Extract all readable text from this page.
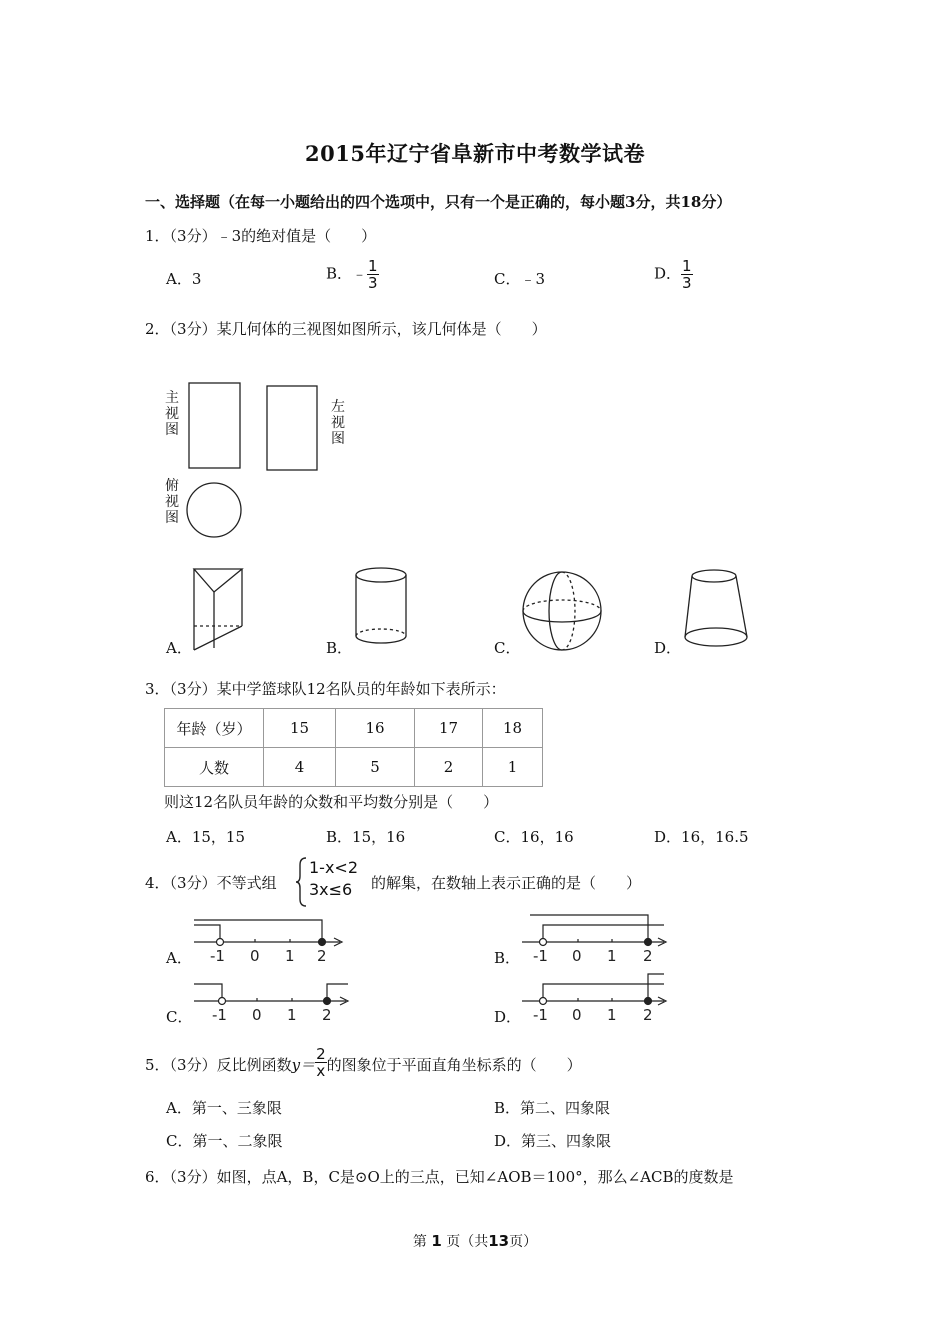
2015年辽宁省阜新市中考数学试卷
一、选择题（在每一小题给出的四个选项中，只有一个是正确的，每小题3分，共18分）
1．（3分）﹣3的绝对值是（　　）
A．3	B．﹣ $\frac{1}{3}$	C．﹣3	D． $\frac{1}{3}$
2．（3分）某几何体的三视图如图所示，该几何体是（　　）
主视图
左视图
俯视图
A．	B．	C．	D．
3．（3分）某中学篮球队12名队员的年龄如下表所示：
年龄（岁）	15	16	17	18
人数	4	5	2	1
则这12名队员年龄的众数和平均数分别是（　　）
A．15，15	B．15，16	C．16，16	D．16，16.5
4．（3分）不等式组
1-x<2
3x≤6	的解集，在数轴上表示正确的是（　　）
A．	B．
C．	D．
-1 0 1 2	-1 0 1 2
-1 0 1 2	-1 0 1 2
5．（3分）反比例函数$y= \frac{2}{x}$ 的图象位于平面直角坐标系的（　　）
A．第一、三象限	B．第二、四象限
C．第一、二象限	D．第三、四象限
6．（3分）如图，点A，B，C是⊙O上的三点，已知∠AOB＝100°，那么∠ACB的度数是
第 1 页（共13页）
